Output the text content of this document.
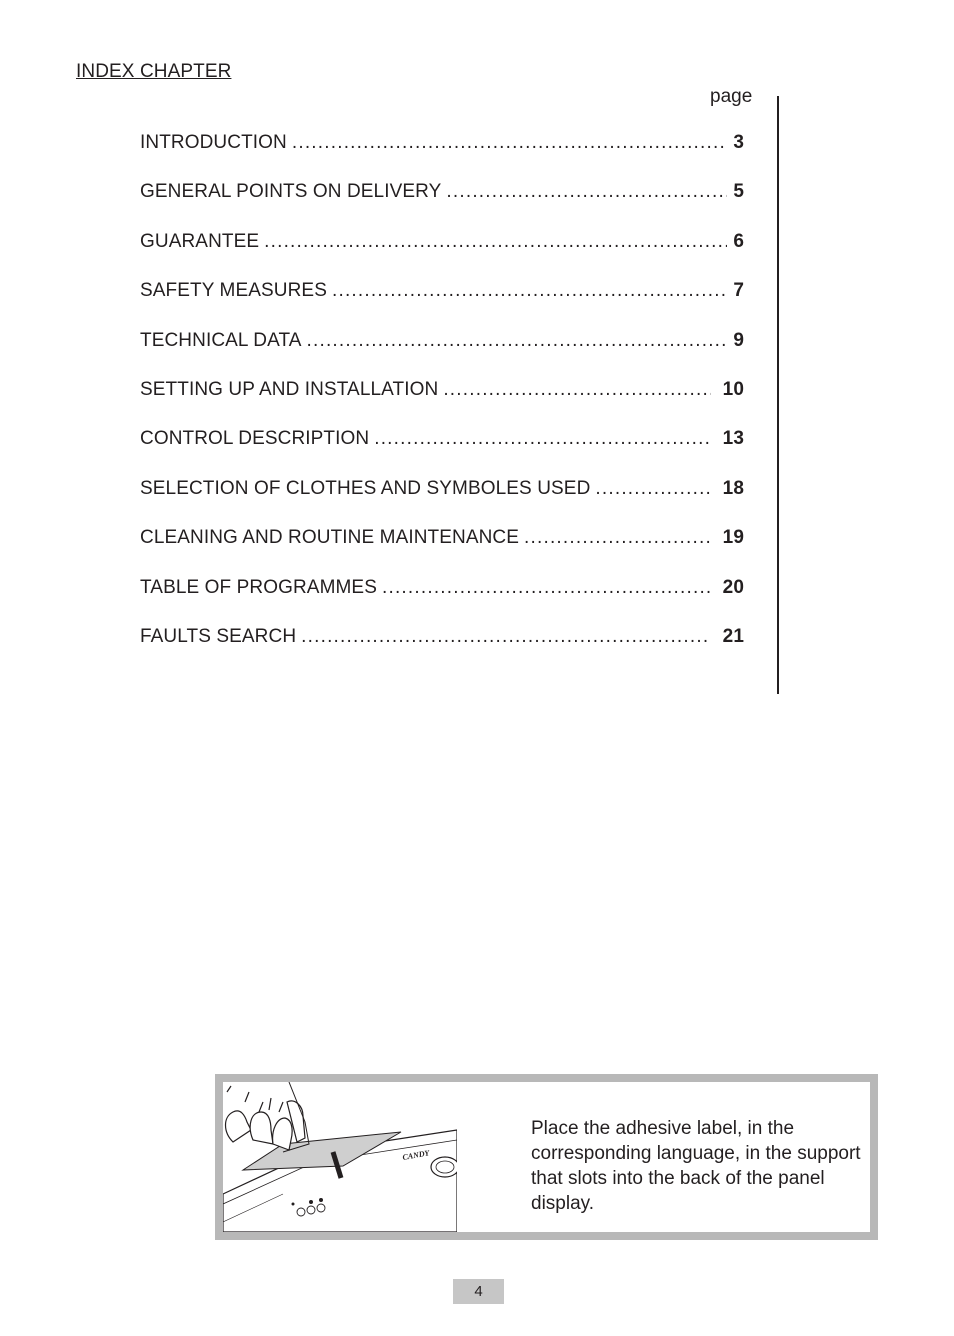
INDEX CHAPTER
page
INTRODUCTION .....	3
GENERAL POINTS ON DELIVERY .....	5
GUARANTEE .....	6
SAFETY MEASURES .....	7
TECHNICAL DATA .....	9
SETTING UP AND INSTALLATION .....	10
CONTROL DESCRIPTION .....	13
SELECTION OF CLOTHES AND SYMBOLES USED .....	18
CLEANING AND ROUTINE MAINTENANCE .....	19
TABLE OF PROGRAMMES .....	20
FAULTS SEARCH .....	21
CANDY
Place the adhesive label, in the corresponding language, in the support that slots into the back of the panel display.
4
